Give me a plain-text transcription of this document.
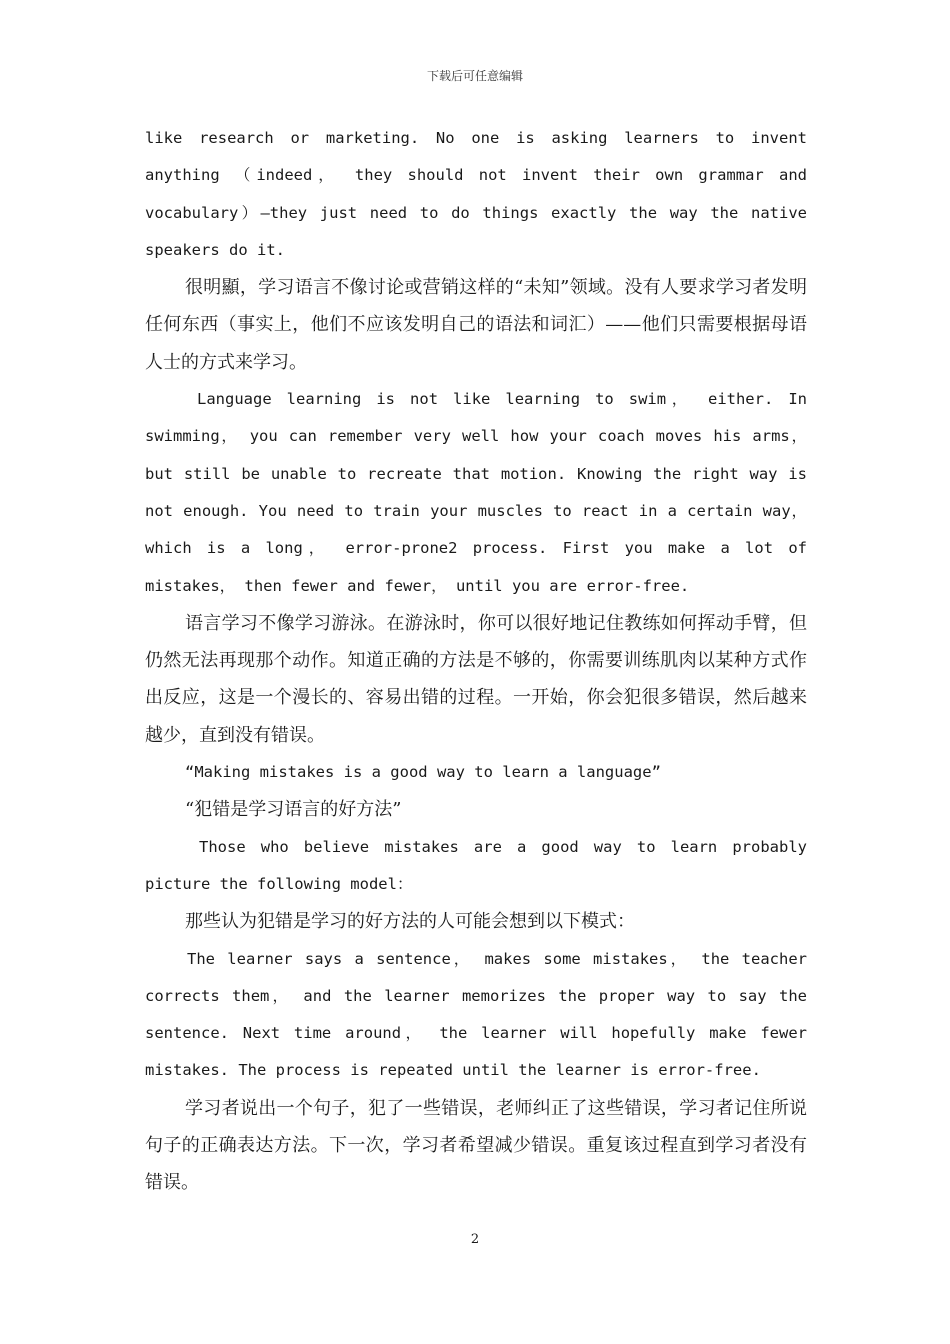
下载后可任意编辑

like research or marketing. No one is asking learners to invent anything （indeed， they should not invent their own grammar and vocabulary）—they just need to do things exactly the way the native speakers do it.

很明顯，学习语言不像讨论或营销这样的“未知”领域。没有人要求学习者发明任何东西（事实上，他们不应该发明自己的语法和词汇）——他们只需要根据母语人士的方式来学习。

Language learning is not like learning to swim， either. In swimming， you can remember very well how your coach moves his arms， but still be unable to recreate that motion. Knowing the right way is not enough. You need to train your muscles to react in a certain way， which is a long， error-prone2 process. First you make a lot of mistakes， then fewer and fewer， until you are error-free.

语言学习不像学习游泳。在游泳时，你可以很好地记住教练如何挥动手臂，但仍然无法再现那个动作。知道正确的方法是不够的，你需要训练肌肉以某种方式作出反应，这是一个漫长的、容易出错的过程。一开始，你会犯很多错误，然后越来越少，直到没有错误。

“Making mistakes is a good way to learn a language”

“犯错是学习语言的好方法”

Those who believe mistakes are a good way to learn probably picture the following model：

那些认为犯错是学习的好方法的人可能会想到以下模式：

The learner says a sentence， makes some mistakes， the teacher corrects them， and the learner memorizes the proper way to say the sentence. Next time around， the learner will hopefully make fewer mistakes. The process is repeated until the learner is error-free.

学习者说出一个句子，犯了一些错误，老师纠正了这些错误，学习者记住所说句子的正确表达方法。下一次，学习者希望减少错误。重复该过程直到学习者没有错误。

2
